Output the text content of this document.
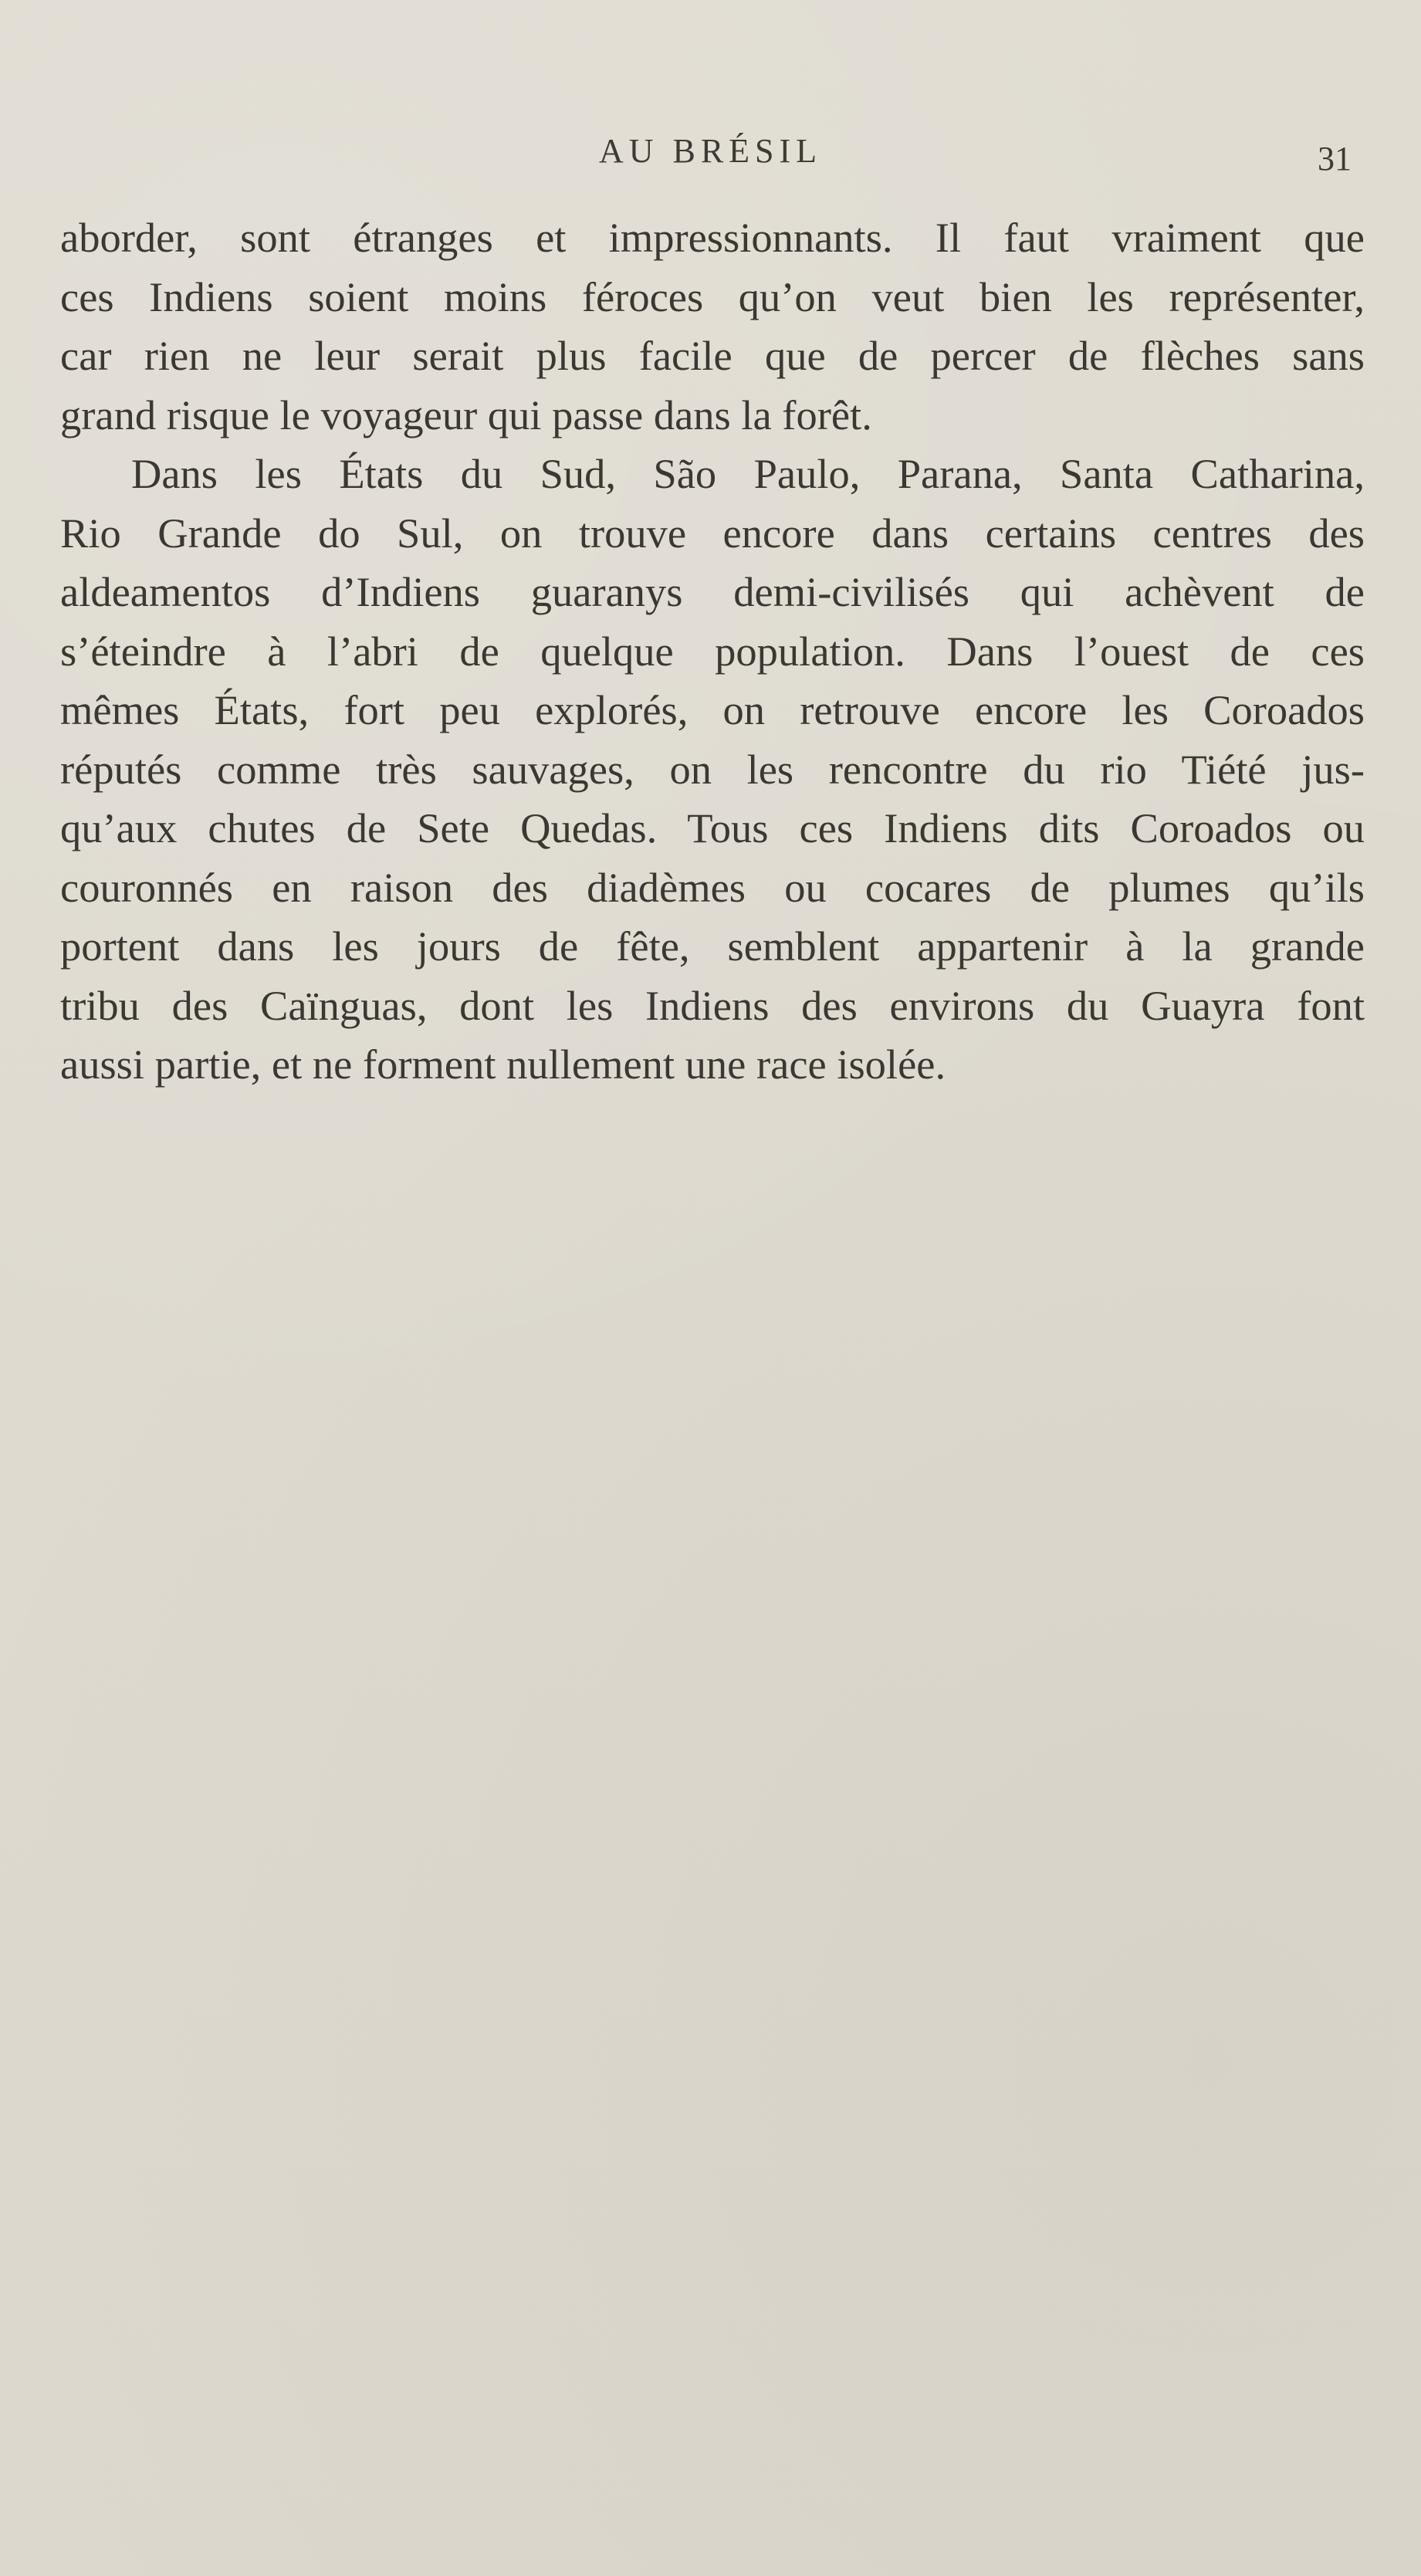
AU BRÉSIL	31
aborder, sont étranges et impressionnants. Il faut vraiment que
ces Indiens soient moins féroces qu’on veut bien les représenter,
car rien ne leur serait plus facile que de percer de flèches sans
grand risque le voyageur qui passe dans la forêt.
Dans les États du Sud, São Paulo, Parana, Santa Catharina,
Rio Grande do Sul, on trouve encore dans certains centres des
aldeamentos d’Indiens guaranys demi-civilisés qui achèvent de
s’éteindre à l’abri de quelque population. Dans l’ouest de ces
mêmes États, fort peu explorés, on retrouve encore les Coroados
réputés comme très sauvages, on les rencontre du rio Tiété jus-
qu’aux chutes de Sete Quedas. Tous ces Indiens dits Coroados ou
couronnés en raison des diadèmes ou cocares de plumes qu’ils
portent dans les jours de fête, semblent appartenir à la grande
tribu des Caïnguas, dont les Indiens des environs du Guayra font
aussi partie, et ne forment nullement une race isolée.
